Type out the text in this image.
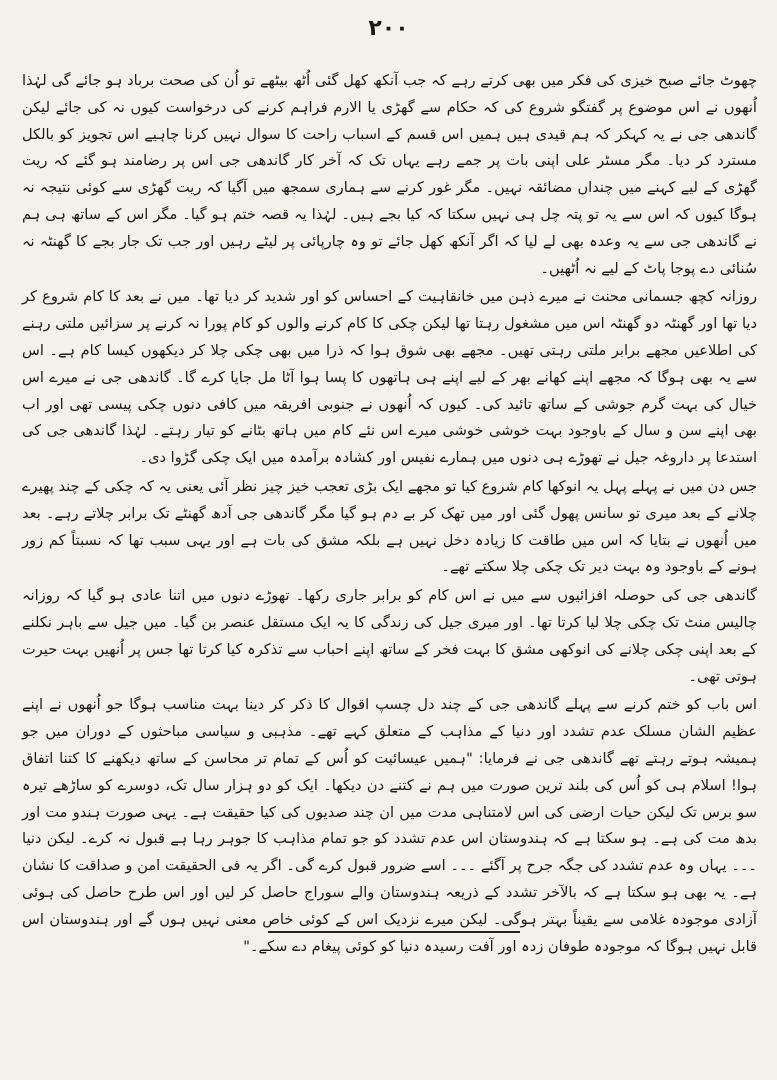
۲۰۰

چھوٹ جائے صبح خیزی کی فکر میں بھی کرتے رہے کہ جب آنکھ کھل گئی اُٹھ بیٹھے تو اُن کی صحت برباد ہو جائے گی لہٰذا اُنھوں نے اس موضوع پر گفتگو شروع کی کہ حکام سے گھڑی یا الارم فراہم کرنے کی درخواست کیوں نہ کی جائے لیکن گاندھی جی نے یہ کہکر کہ ہم قیدی ہیں ہمیں اس قسم کے اسباب راحت کا سوال نہیں کرنا چاہیے اس تجویز کو بالکل مسترد کر دیا۔ مگر مسٹر علی اپنی بات پر جمے رہے یہاں تک کہ آخر کار گاندھی جی اس پر رضامند ہو گئے کہ ریت گھڑی کے لیے کہنے میں چنداں مضائقہ نہیں۔ مگر غور کرنے سے ہماری سمجھ میں آگیا کہ ریت گھڑی سے کوئی نتیجہ نہ ہوگا کیوں کہ اس سے یہ تو پتہ چل ہی نہیں سکتا کہ کیا بجے ہیں۔ لہٰذا یہ قصہ ختم ہو گیا۔ مگر اس کے ساتھ ہی ہم نے گاندھی جی سے یہ وعدہ بھی لے لیا کہ اگر آنکھ کھل جائے تو وہ چارپائی پر لیٹے رہیں اور جب تک جار بجے کا گھنٹہ نہ سُنائی دے پوجا پاٹ کے لیے نہ اُٹھیں۔

روزانہ کچھ جسمانی محنت نے میرے ذہن میں خانقاہیت کے احساس کو اور شدید کر دیا تھا۔ میں نے بعد کا کام شروع کر دیا تھا اور گھنٹہ دو گھنٹہ اس میں مشغول رہتا تھا لیکن چکی کا کام کرنے والوں کو کام پورا نہ کرنے پر سزائیں ملتی رہنے کی اطلاعیں مجھے برابر ملتی رہتی تھیں۔ مجھے بھی شوق ہوا کہ ذرا میں بھی چکی چلا کر دیکھوں کیسا کام ہے۔ اس سے یہ بھی ہوگا کہ مجھے اپنے کھانے بھر کے لیے اپنے ہی ہاتھوں کا پسا ہوا آٹا مل جایا کرے گا۔ گاندھی جی نے میرے اس خیال کی بہت گرم جوشی کے ساتھ تائید کی۔ کیوں کہ اُنھوں نے جنوبی افریقہ میں کافی دنوں چکی پیسی تھی اور اب بھی اپنے سن و سال کے باوجود بہت خوشی خوشی میرے اس نئے کام میں ہاتھ بٹانے کو تیار رہتے۔ لہٰذا گاندھی جی کی استدعا پر داروغہ جیل نے تھوڑے ہی دنوں میں ہمارے نفیس اور کشادہ برآمدہ میں ایک چکی گڑوا دی۔

جس دن میں نے پہلے پہل یہ انوکھا کام شروع کیا تو مجھے ایک بڑی تعجب خیز چیز نظر آئی یعنی یہ کہ چکی کے چند پھیرے چلانے کے بعد میری تو سانس پھول گئی اور میں تھک کر بے دم ہو گیا مگر گاندھی جی آدھ گھنٹے تک برابر چلاتے رہے۔ بعد میں اُنھوں نے بتایا کہ اس میں طاقت کا زیادہ دخل نہیں ہے بلکہ مشق کی بات ہے اور یہی سبب تھا کہ نسبتاً کم زور ہونے کے باوجود وہ بہت دیر تک چکی چلا سکتے تھے۔

گاندھی جی کی حوصلہ افزائیوں سے میں نے اس کام کو برابر جاری رکھا۔ تھوڑے دنوں میں اتنا عادی ہو گیا کہ روزانہ چالیس منٹ تک چکی چلا لیا کرتا تھا۔ اور میری جیل کی زندگی کا یہ ایک مستقل عنصر بن گیا۔ میں جیل سے باہر نکلنے کے بعد اپنی چکی چلانے کی انوکھی مشق کا بہت فخر کے ساتھ اپنے احباب سے تذکرہ کیا کرتا تھا جس پر اُنھیں بہت حیرت ہوتی تھی۔

اس باب کو ختم کرنے سے پہلے گاندھی جی کے چند دل چسپ اقوال کا ذکر کر دینا بہت مناسب ہوگا جو اُنھوں نے اپنے عظیم الشان مسلک عدم تشدد اور دنیا کے مذاہب کے متعلق کہے تھے۔ مذہبی و سیاسی مباحثوں کے دوران میں جو ہمیشہ ہوتے رہتے تھے گاندھی جی نے فرمایا: "ہمیں عیسائیت کو اُس کے تمام تر محاسن کے ساتھ دیکھنے کا کتنا اتفاق ہوا! اسلام ہی کو اُس کی بلند ترین صورت میں ہم نے کتنے دن دیکھا۔ ایک کو دو ہزار سال تک، دوسرے کو ساڑھے تیرہ سو برس تک لیکن حیات ارضی کی اس لامتناہی مدت میں ان چند صدیوں کی کیا حقیقت ہے۔ یہی صورت ہندو مت اور بدھ مت کی ہے۔ ہو سکتا ہے کہ ہندوستان اس عدم تشدد کو جو تمام مذاہب کا جوہر رہا ہے قبول نہ کرے۔ لیکن دنیا ۔۔۔ یہاں وہ عدم تشدد کی جگہ جرح پر آگئے ۔۔۔ اسے ضرور قبول کرے گی۔ اگر یہ فی الحقیقت امن و صداقت کا نشان ہے۔ یہ بھی ہو سکتا ہے کہ بالآخر تشدد کے ذریعہ ہندوستان والے سوراج حاصل کر لیں اور اس طرح حاصل کی ہوئی آزادی موجودہ غلامی سے یقیناً بہتر ہوگی۔ لیکن میرے نزدیک اس کے کوئی خاص معنی نہیں ہوں گے اور ہندوستان اس قابل نہیں ہوگا کہ موجودہ طوفان زدہ اور آفت رسیدہ دنیا کو کوئی پیغام دے سکے۔"
